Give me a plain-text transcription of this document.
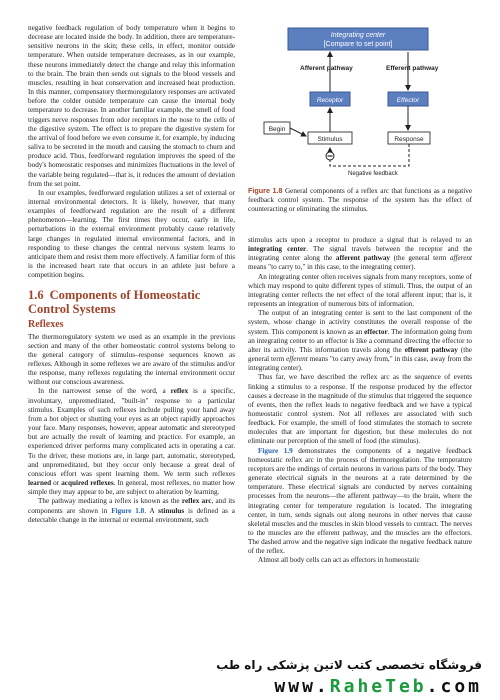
negative feedback regulation of body temperature when it begins to decrease are located inside the body. In addition, there are temperature-sensitive neurons in the skin; these cells, in effect, monitor outside temperature. When outside temperature decreases, as in our example, these neurons immediately detect the change and relay this information to the brain. The brain then sends out signals to the blood vessels and muscles, resulting in heat conservation and increased heat production. In this manner, compensatory thermoregulatory responses are activated before the colder outside temperature can cause the internal body temperature to decrease. In another familiar example, the smell of food triggers nerve responses from odor receptors in the nose to the cells of the digestive system. The effect is to prepare the digestive system for the arrival of food before we even consume it, for example, by inducing saliva to be secreted in the mouth and causing the stomach to churn and produce acid. Thus, feedforward regulation improves the speed of the body's homeostatic responses and minimizes fluctuations in the level of the variable being regulated—that is, it reduces the amount of deviation from the set point.

In our examples, feedforward regulation utilizes a set of external or internal environmental detectors. It is likely, however, that many examples of feedforward regulation are the result of a different phenomenon—learning. The first times they occur, early in life, perturbations in the external environment probably cause relatively large changes in regulated internal environmental factors, and in responding to these changes the central nervous system learns to anticipate them and resist them more effectively. A familiar form of this is the increased heart rate that occurs in an athlete just before a competition begins.

1.6 Components of Homeostatic Control Systems
Reflexes

The thermoregulatory system we used as an example in the previous section and many of the other homeostatic control systems belong to the general category of stimulus–response sequences known as reflexes. Although in some reflexes we are aware of the stimulus and/or the response, many reflexes regulating the internal environment occur without our conscious awareness.

In the narrowest sense of the word, a reflex is a specific, involuntary, unpremeditated, "built-in" response to a particular stimulus. Examples of such reflexes include pulling your hand away from a hot object or shutting your eyes as an object rapidly approaches your face. Many responses, however, appear automatic and stereotyped but are actually the result of learning and practice. For example, an experienced driver performs many complicated acts in operating a car. To the driver, these motions are, in large part, automatic, stereotyped, and unpremeditated, but they occur only because a great deal of conscious effort was spent learning them. We term such reflexes learned or acquired reflexes. In general, most reflexes, no matter how simple they may appear to be, are subject to alteration by learning.

The pathway mediating a reflex is known as the reflex arc, and its components are shown in Figure 1.8. A stimulus is defined as a detectable change in the internal or external environment, such

Integrating center
[Compare to set point]
Afferent pathway	Efferent pathway
Receptor	Effector
Begin
Stimulus	Response
Negative feedback
Figure 1.8 General components of a reflex arc that functions as a negative feedback control system. The response of the system has the effect of counteracting or eliminating the stimulus.

stimulus acts upon a receptor to produce a signal that is relayed to an integrating center. The signal travels between the receptor and the integrating center along the afferent pathway (the general term afferent means "to carry to," in this case, to the integrating center).

An integrating center often receives signals from many receptors, some of which may respond to quite different types of stimuli. Thus, the output of an integrating center reflects the net effect of the total afferent input; that is, it represents an integration of numerous bits of information.

The output of an integrating center is sent to the last component of the system, whose change in activity constitutes the overall response of the system. This component is known as an effector. The information going from an integrating center to an effector is like a command directing the effector to alter its activity. This information travels along the efferent pathway (the general term efferent means "to carry away from," in this case, away from the integrating center).

Thus far, we have described the reflex arc as the sequence of events linking a stimulus to a response. If the response produced by the effector causes a decrease in the magnitude of the stimulus that triggered the sequence of events, then the reflex leads to negative feedback and we have a typical homeostatic control system. Not all reflexes are associated with such feedback. For example, the smell of food stimulates the stomach to secrete molecules that are important for digestion, but these molecules do not eliminate our perception of the smell of food (the stimulus).

Figure 1.9 demonstrates the components of a negative feedback homeostatic reflex arc in the process of thermoregulation. The temperature receptors are the endings of certain neurons in various parts of the body. They generate electrical signals in the neurons at a rate determined by the temperature. These electrical signals are conducted by nerves containing processes from the neurons—the afferent pathway—to the brain, where the integrating center for temperature regulation is located. The integrating center, in turn, sends signals out along neurons in other nerves that cause skeletal muscles and the muscles in skin blood vessels to contract. The nerves to the muscles are the efferent pathway, and the muscles are the effectors. The dashed arrow and the negative sign indicate the negative feedback nature of the reflex.

Almost all body cells can act as effectors in homeostatic

فروشگاه تخصصی کتب لاتین پزشکی راه طب
www.RaheTeb.com
